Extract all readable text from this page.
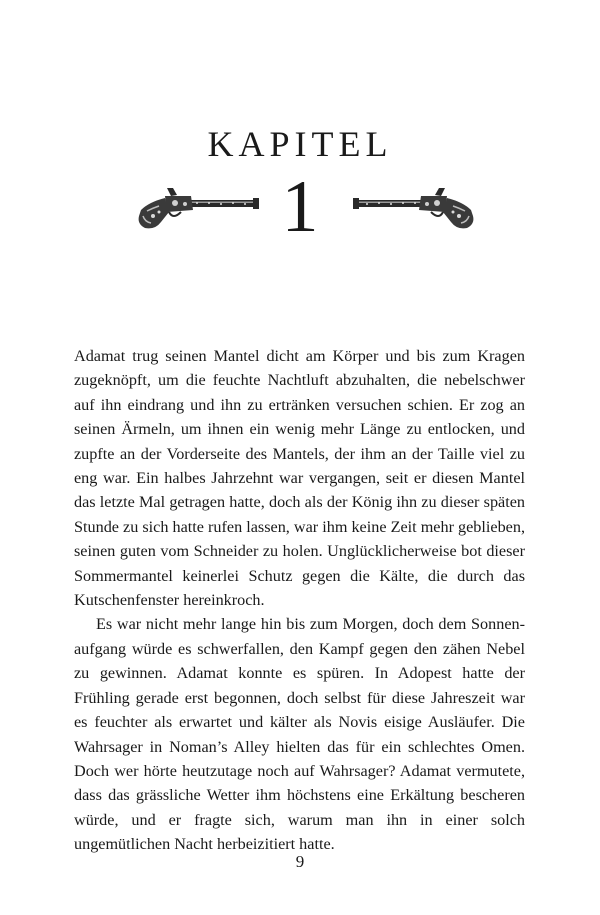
KAPITEL
1

Adamat trug seinen Mantel dicht am Körper und bis zum Kragen zugeknöpft, um die feuchte Nachtluft abzuhalten, die nebelschwer auf ihn eindrang und ihn zu ertränken versuchen schien. Er zog an seinen Ärmeln, um ihnen ein wenig mehr Länge zu entlocken, und zupfte an der Vorderseite des Mantels, der ihm an der Taille viel zu eng war. Ein halbes Jahrzehnt war vergangen, seit er diesen Mantel das letzte Mal getragen hatte, doch als der König ihn zu dieser späten Stunde zu sich hatte rufen lassen, war ihm keine Zeit mehr geblieben, seinen guten vom Schneider zu holen. Unglücklicherweise bot dieser Sommermantel keinerlei Schutz gegen die Kälte, die durch das Kutschenfenster hereinkroch.

Es war nicht mehr lange hin bis zum Morgen, doch dem Sonnenaufgang würde es schwerfallen, den Kampf gegen den zähen Nebel zu gewinnen. Adamat konnte es spüren. In Adopest hatte der Frühling gerade erst begonnen, doch selbst für diese Jahreszeit war es feuchter als erwartet und kälter als Novis eisige Ausläufer. Die Wahrsager in Noman’s Alley hielten das für ein schlechtes Omen. Doch wer hörte heutzutage noch auf Wahrsager? Adamat vermutete, dass das grässliche Wetter ihm höchstens eine Erkältung bescheren würde, und er fragte sich, warum man ihn in einer solch ungemütlichen Nacht herbeizitiert hatte.

9
